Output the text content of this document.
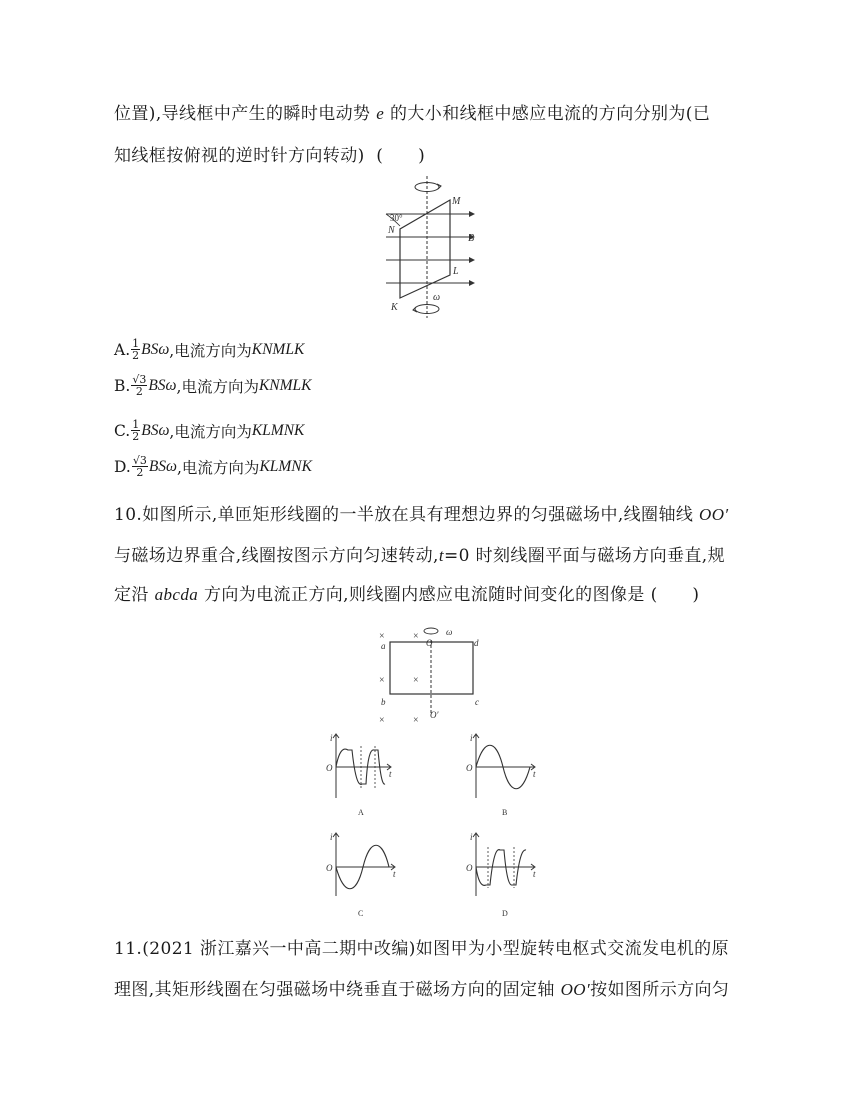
位置),导线框中产生的瞬时电动势 e 的大小和线框中感应电流的方向分别为(已
知线框按俯视的逆时针方向转动)  (      )
30°
M
N
B
L
K
ω
A. $\frac{1}{2}$ BSω ,电流方向为 KNMLK
B. $\frac{√3}{2}$ BSω ,电流方向为 KNMLK
C. $\frac{1}{2}$ BSω ,电流方向为 KLMNK
D. $\frac{√3}{2}$ BSω ,电流方向为 KLMNK
10.如图所示,单匝矩形线圈的一半放在具有理想边界的匀强磁场中,线圈轴线 OO′
与磁场边界重合,线圈按图示方向匀速转动,t=0 时刻线圈平面与磁场方向垂直,规
定沿 abcda 方向为电流正方向,则线圈内感应电流随时间变化的图像是 (      )
O
ω
d
a
b	c
O′
×	×
×	×
×	×
i
O
t
A
i
O
t
B
i
O
t
C
i
O
t
D
11.(2021 浙江嘉兴一中高二期中改编)如图甲为小型旋转电枢式交流发电机的原
理图,其矩形线圈在匀强磁场中绕垂直于磁场方向的固定轴 OO′按如图所示方向匀
